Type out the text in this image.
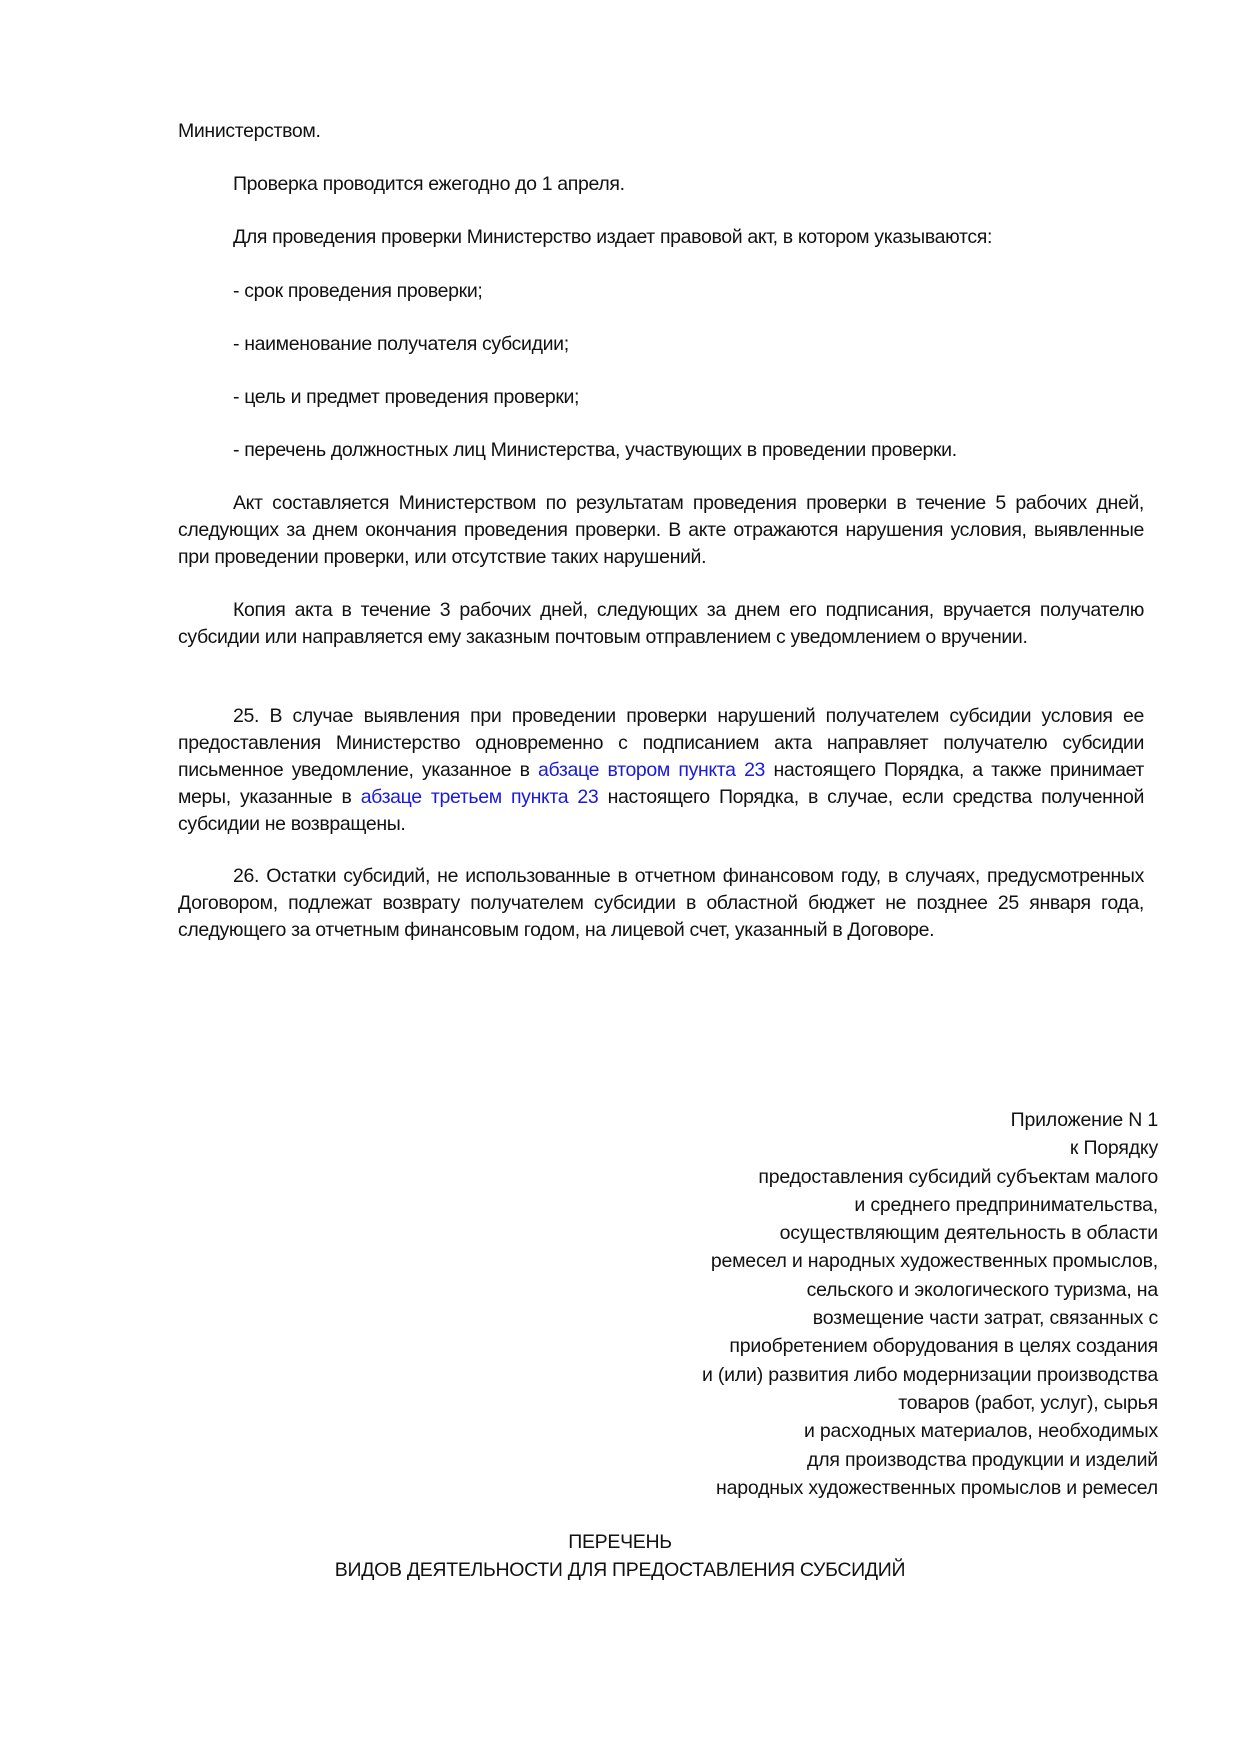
Министерством.
Проверка проводится ежегодно до 1 апреля.
Для проведения проверки Министерство издает правовой акт, в котором указываются:
- срок проведения проверки;
- наименование получателя субсидии;
- цель и предмет проведения проверки;
- перечень должностных лиц Министерства, участвующих в проведении проверки.
Акт составляется Министерством по результатам проведения проверки в течение 5 рабочих дней, следующих за днем окончания проведения проверки. В акте отражаются нарушения условия, выявленные при проведении проверки, или отсутствие таких нарушений.
Копия акта в течение 3 рабочих дней, следующих за днем его подписания, вручается получателю субсидии или направляется ему заказным почтовым отправлением с уведомлением о вручении.
25. В случае выявления при проведении проверки нарушений получателем субсидии условия ее предоставления Министерство одновременно с подписанием акта направляет получателю субсидии письменное уведомление, указанное в абзаце втором пункта 23 настоящего Порядка, а также принимает меры, указанные в абзаце третьем пункта 23 настоящего Порядка, в случае, если средства полученной субсидии не возвращены.
26. Остатки субсидий, не использованные в отчетном финансовом году, в случаях, предусмотренных Договором, подлежат возврату получателем субсидии в областной бюджет не позднее 25 января года, следующего за отчетным финансовым годом, на лицевой счет, указанный в Договоре.
Приложение N 1
к Порядку
предоставления субсидий субъектам малого
и среднего предпринимательства,
осуществляющим деятельность в области
ремесел и народных художественных промыслов,
сельского и экологического туризма, на
возмещение части затрат, связанных с
приобретением оборудования в целях создания
и (или) развития либо модернизации производства
товаров (работ, услуг), сырья
и расходных материалов, необходимых
для производства продукции и изделий
народных художественных промыслов и ремесел
ПЕРЕЧЕНЬ
ВИДОВ ДЕЯТЕЛЬНОСТИ ДЛЯ ПРЕДОСТАВЛЕНИЯ СУБСИДИЙ
